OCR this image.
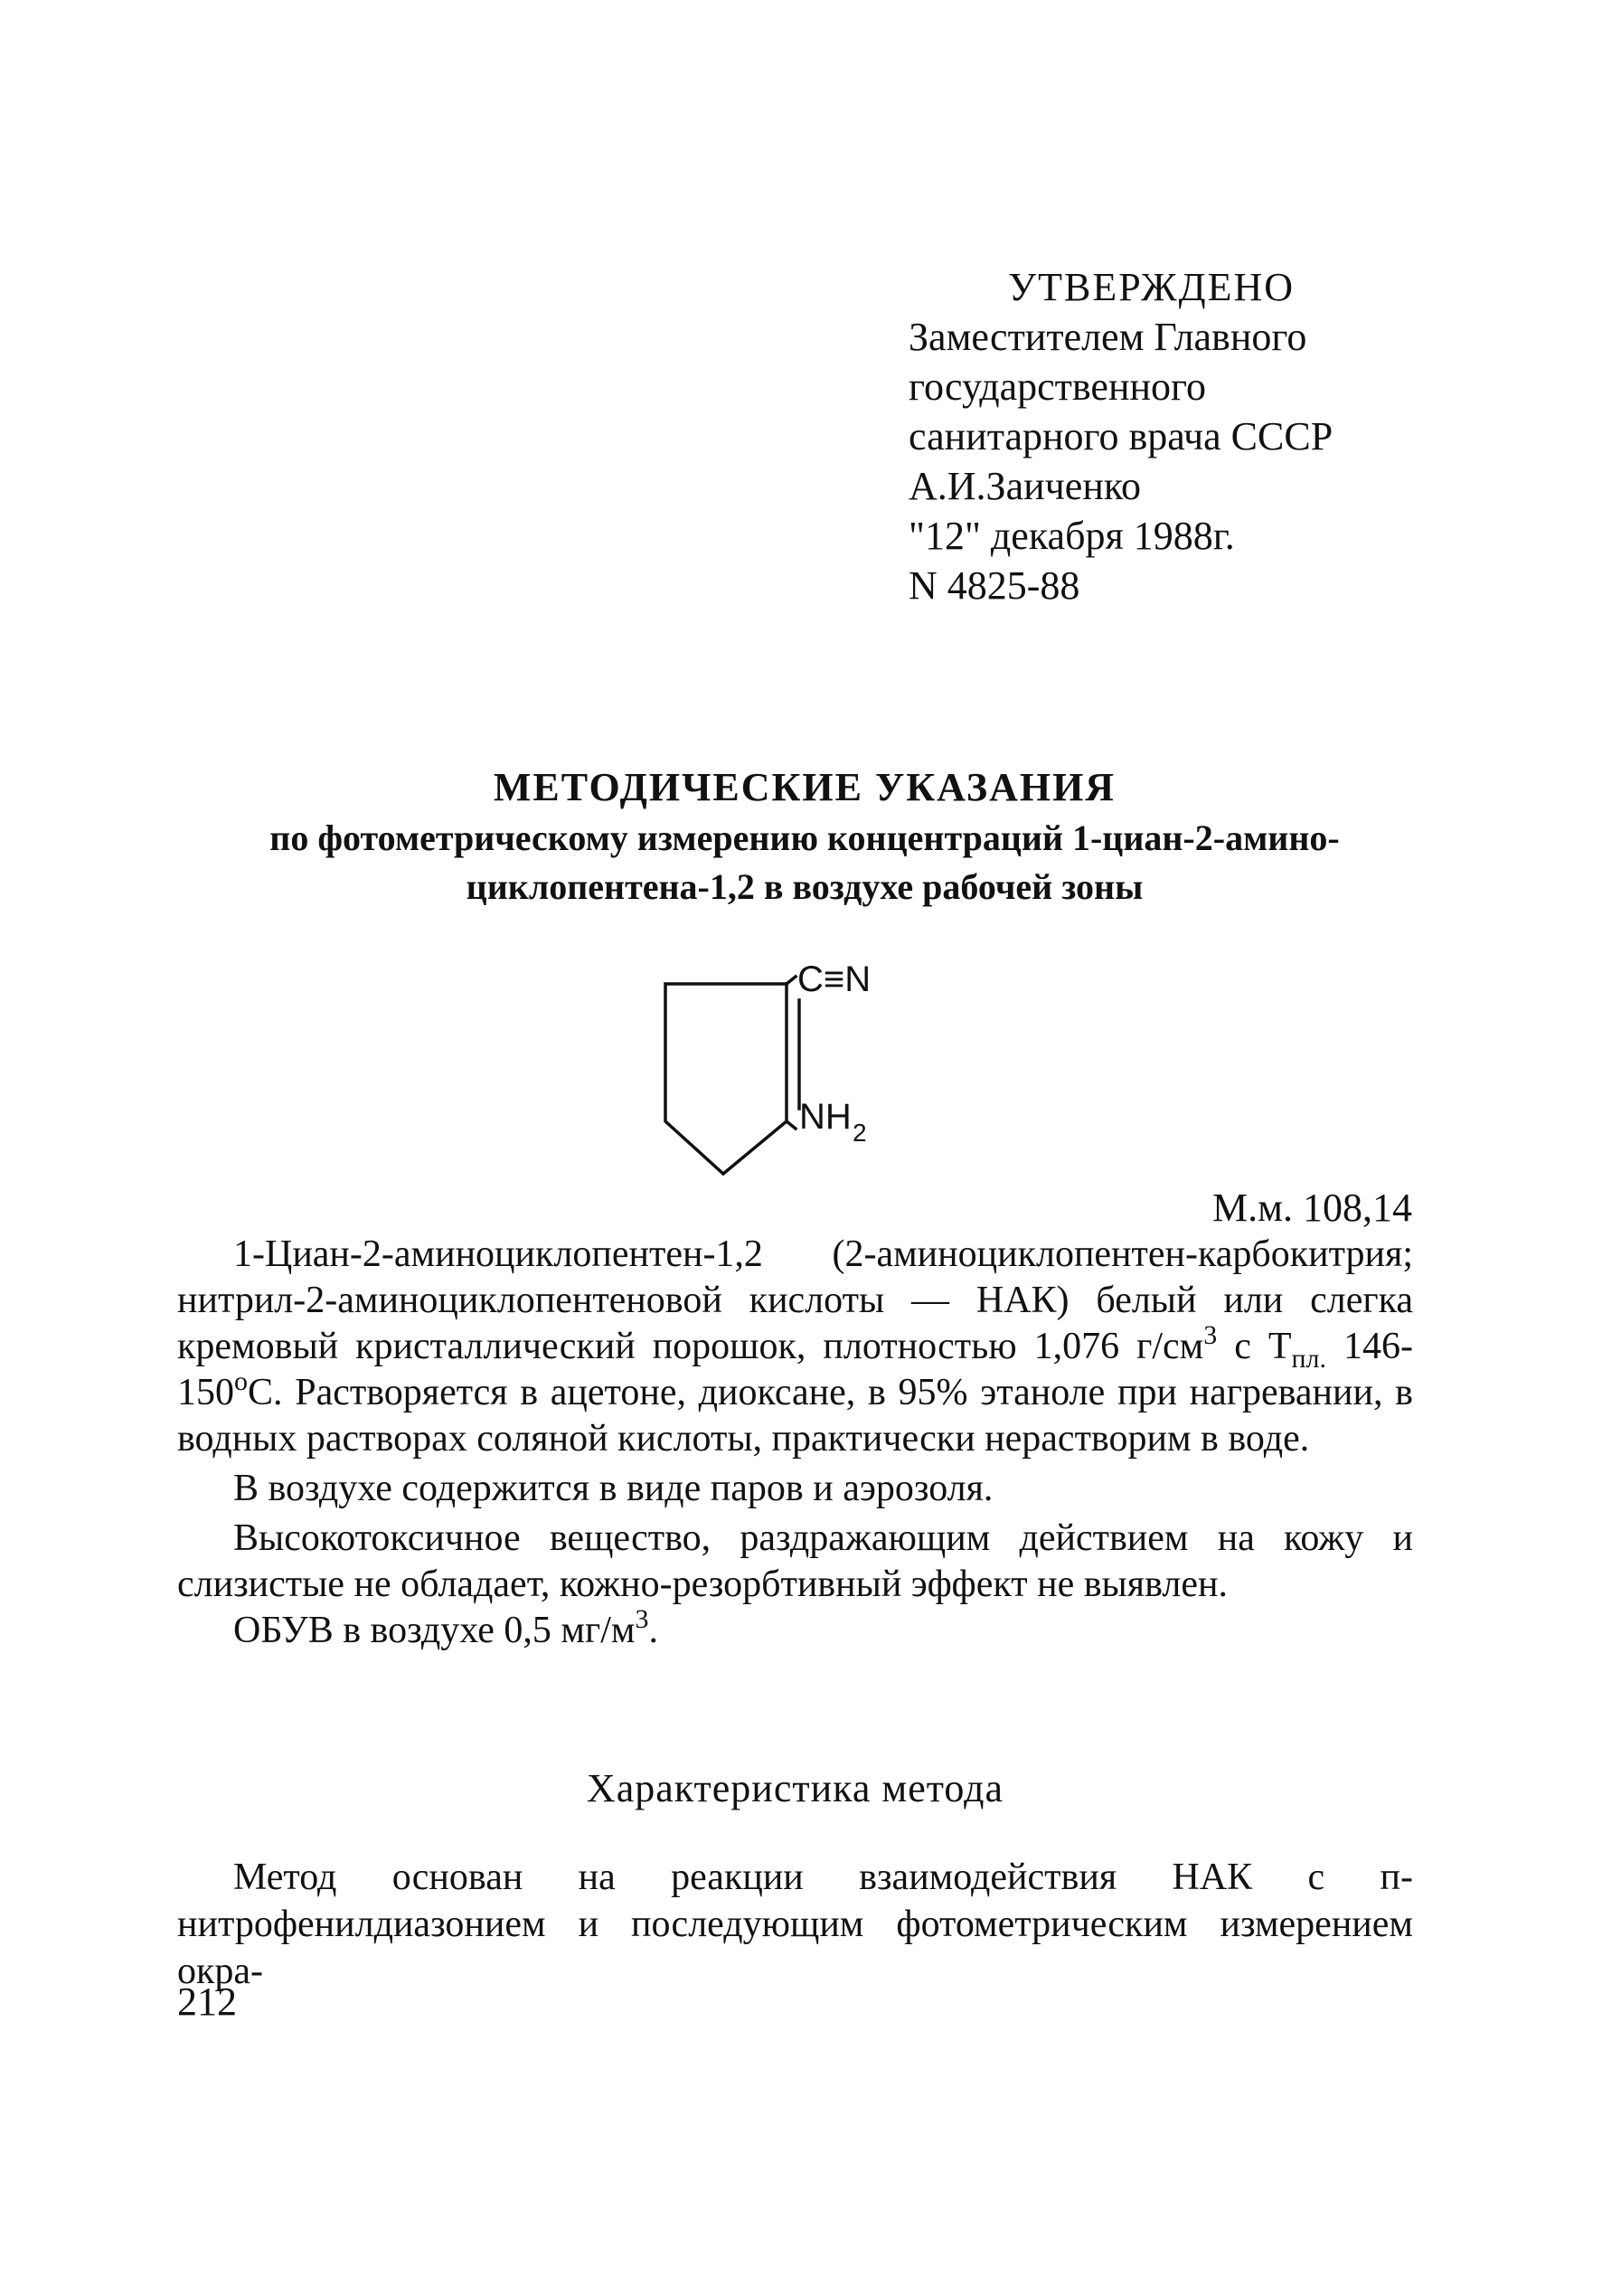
УТВЕРЖДЕНО
Заместителем Главного
государственного
санитарного врача СССР
А.И.Заиченко
"12" декабря 1988г.
N 4825-88
МЕТОДИЧЕСКИЕ УКАЗАНИЯ
по фотометрическому измерению концентраций 1-циан-2-амино-
циклопентена-1,2 в воздухе рабочей зоны
C≡N
NH 2
М.м. 108,14

1-Циан-2-аминоциклопентен-1,2 (2-аминоциклопентен-карбокитрия; нитрил-2-аминоциклопентеновой кислоты — НАК) белый или слегка кремовый кристаллический порошок, плотностью 1,076 $г/см^3$ с $Т_{пл.}$ $146-150^оС$. Растворяется в ацетоне, диоксане, в 95% этаноле при нагревании, в водных растворах соляной кислоты, практически нерастворим в воде.

В воздухе содержится в виде паров и аэрозоля.

Высокотоксичное вещество, раздражающим действием на кожу и слизистые не обладает, кожно-резорбтивный эффект не выявлен.

ОБУВ в воздухе 0,5 $мг/м^3$.

Характеристика метода

Метод основан на реакции взаимодействия НАК с п-нитрофенилдиазонием и последующим фотометрическим измерением окра-

212
